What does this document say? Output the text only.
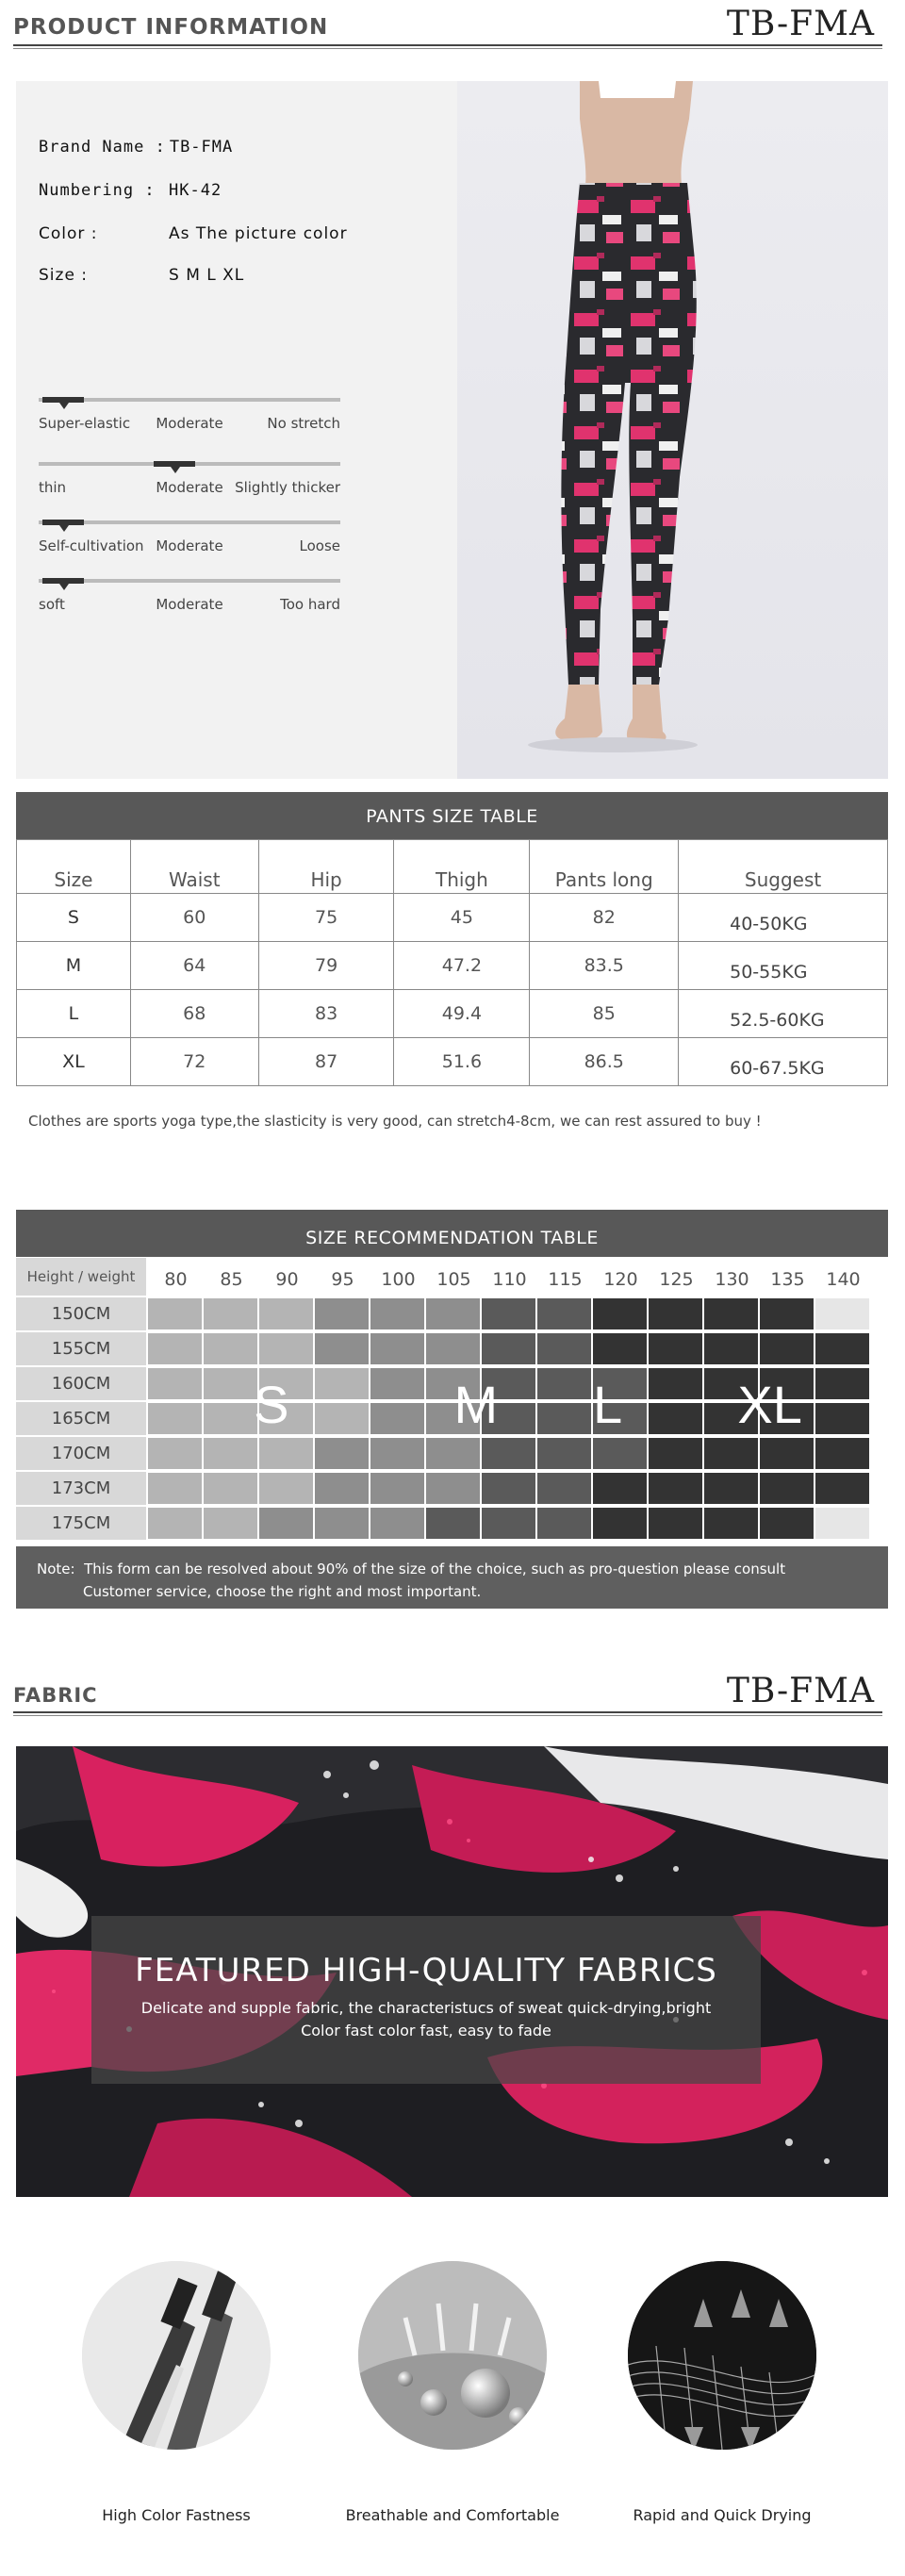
PRODUCT INFORMATION	TB-FMA
Brand Name : TB-FMA
Numbering : HK-42
Color :	As The picture color
Size :	S M L XL
Super-elastic Moderate	No stretch
thin	Moderate Slightly thicker
Self-cultivation Moderate	Loose
soft	Moderate	Too hard
PANTS SIZE TABLE
Size	Waist	Hip	Thigh	Pants long	Suggest
S	60	75	45	82	40-50KG
M	64	79	47.2	83.5	50-55KG
L	68	83	49.4	85	52.5-60KG
XL	72	87	51.6	86.5	60-67.5KG
Clothes are sports yoga type,the slasticity is very good, can stretch4-8cm, we can rest assured to buy !
SIZE RECOMMENDATION TABLE
Height / weight	80	85	90	95	100	105	110	115	120	125	130	135	140
150CM
155CM
160CM
165CM
170CM
173CM
175CM
S	M L XL
Note: This form can be resolved about 90% of the size of the choice, such as pro-question please consult
Customer service, choose the right and most important.
FABRIC	TB-FMA
FEATURED HIGH-QUALITY FABRICS
Delicate and supple fabric, the characteristucs of sweat quick-drying,bright
Color fast color fast, easy to fade
High Color Fastness	Breathable and Comfortable	Rapid and Quick Drying
